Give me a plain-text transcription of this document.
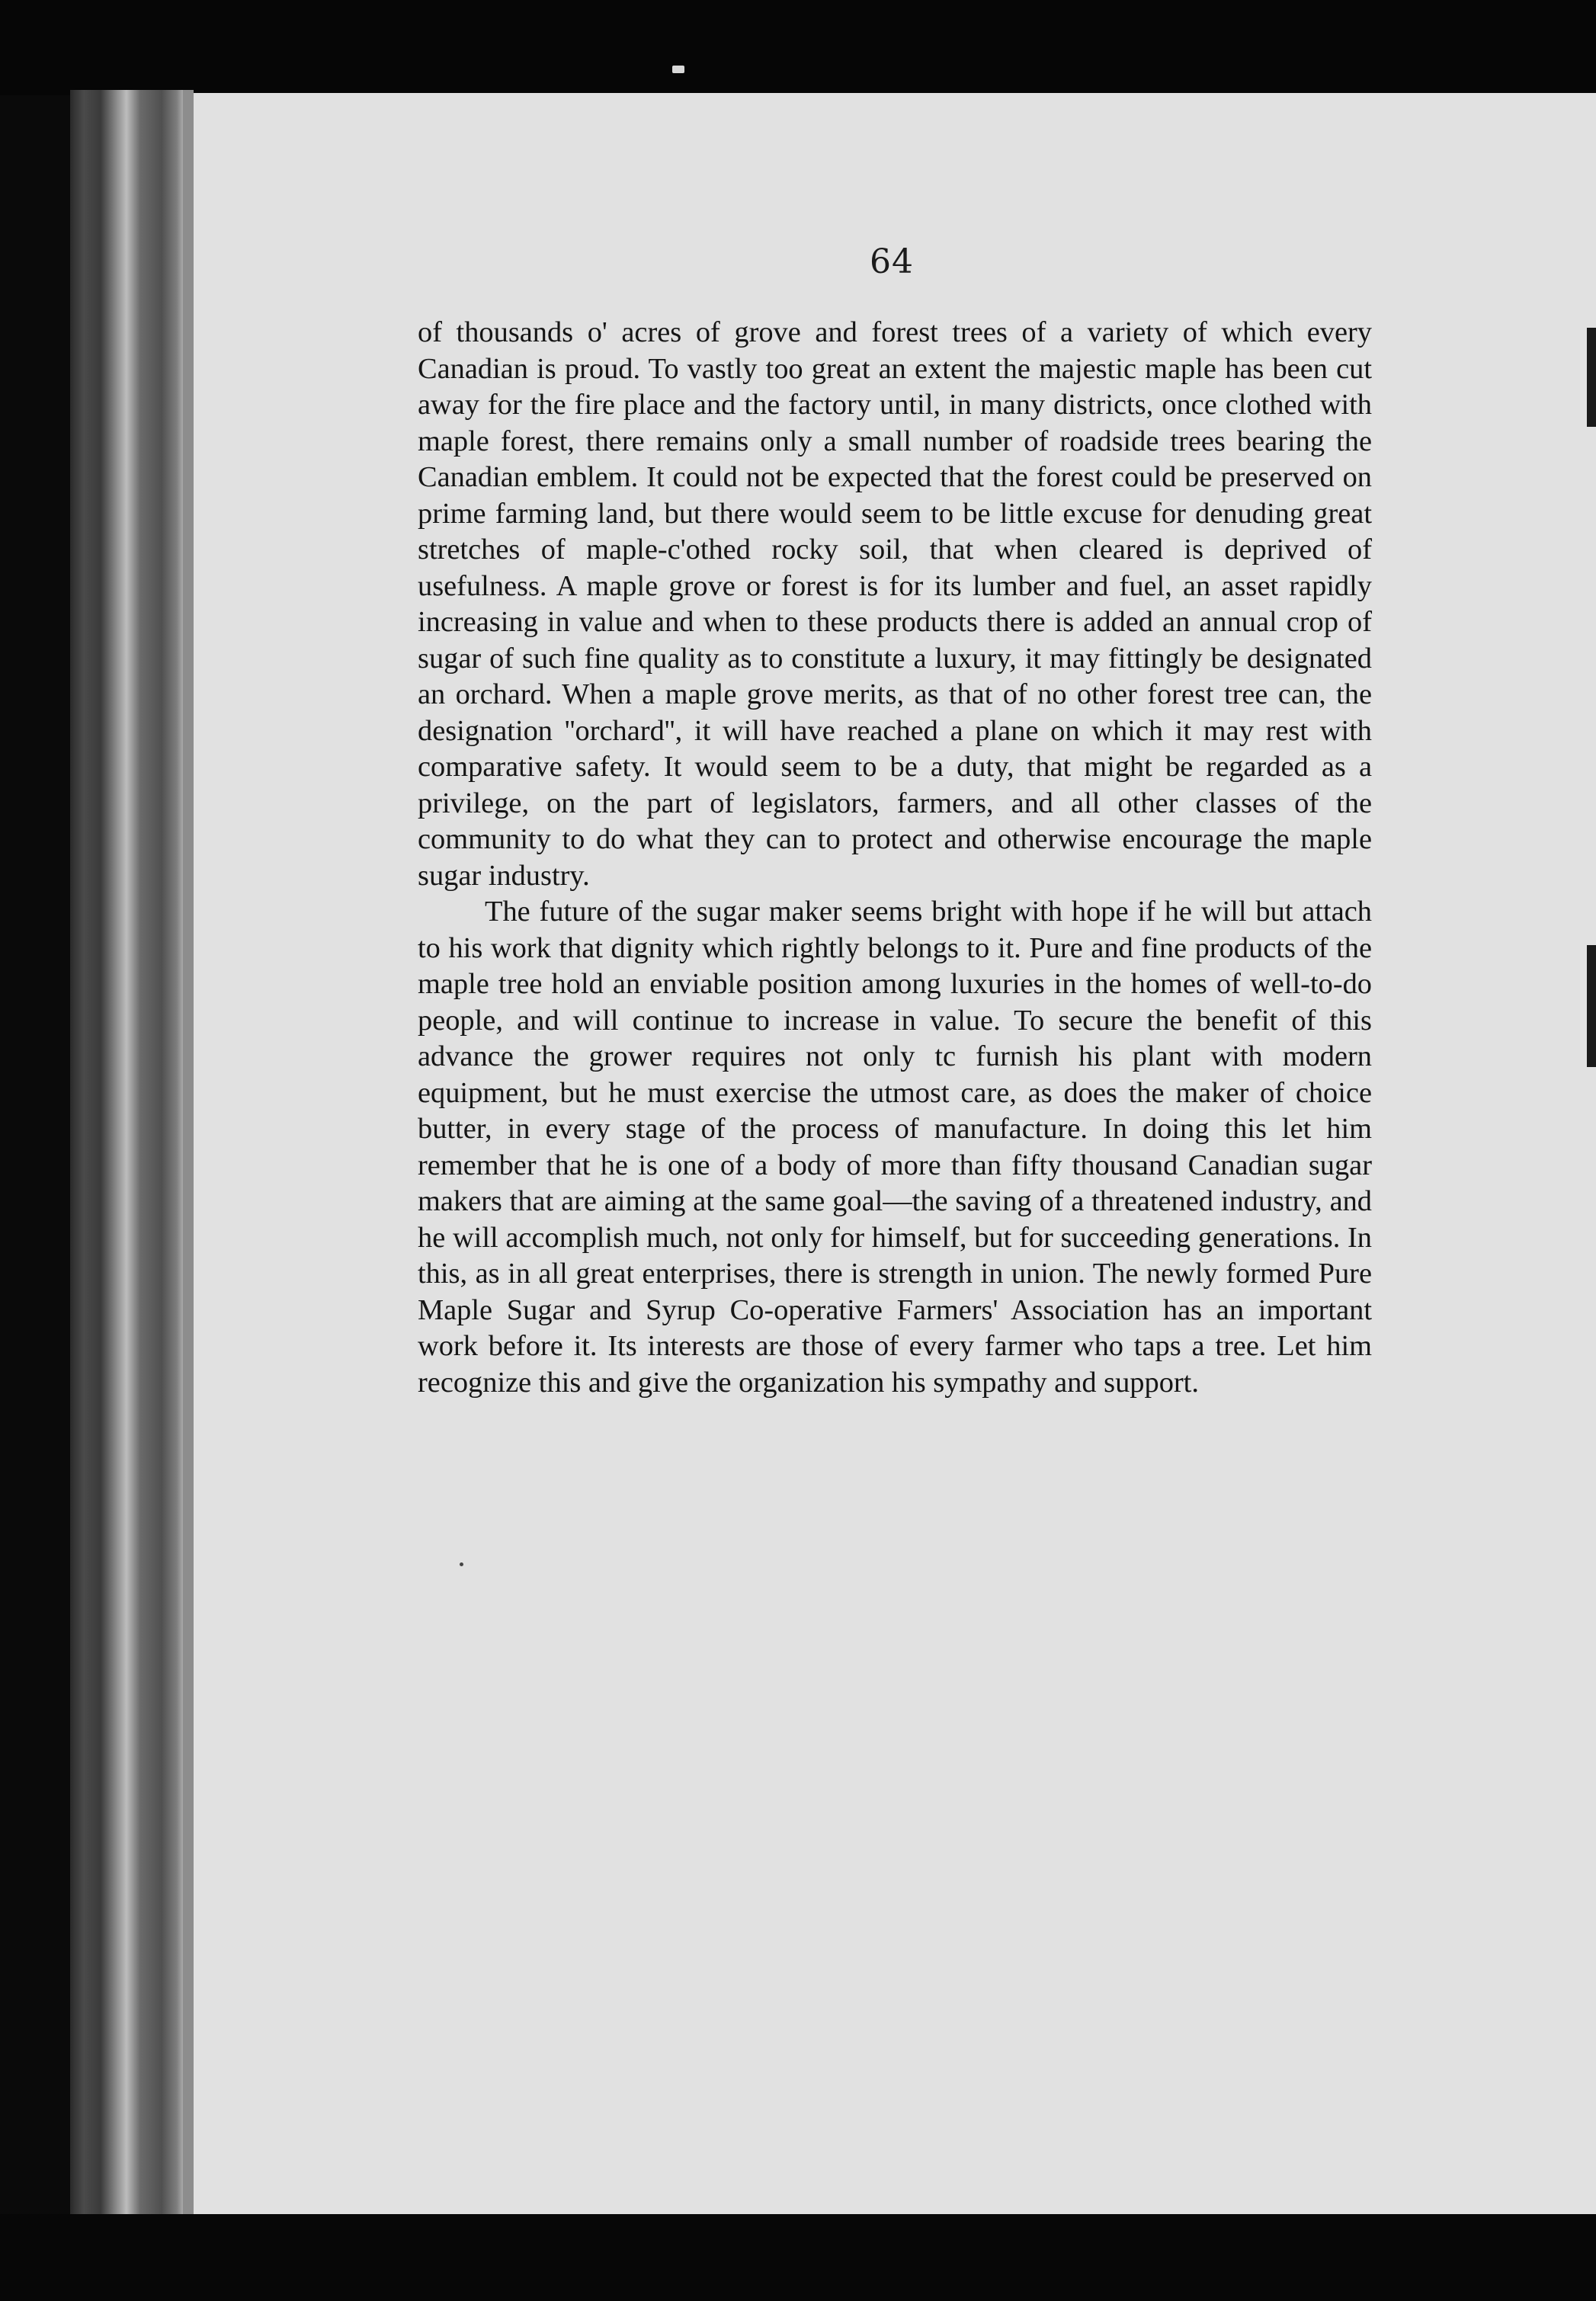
64

of thousands o' acres of grove and forest trees of a variety of which every Canadian is proud. To vastly too great an extent the majestic maple has been cut away for the fire place and the factory until, in many districts, once clothed with maple forest, there remains only a small number of roadside trees bearing the Canadian emblem. It could not be expected that the forest could be preserved on prime farming land, but there would seem to be little excuse for denuding great stretches of maple-c'othed rocky soil, that when cleared is deprived of usefulness. A maple grove or forest is for its lumber and fuel, an asset rapidly increasing in value and when to these products there is added an annual crop of sugar of such fine quality as to constitute a luxury, it may fittingly be designated an orchard. When a maple grove merits, as that of no other forest tree can, the designation ''orchard'', it will have reached a plane on which it may rest with comparative safety. It would seem to be a duty, that might be regarded as a privilege, on the part of legislators, farmers, and all other classes of the community to do what they can to protect and otherwise encourage the maple sugar industry.

The future of the sugar maker seems bright with hope if he will but attach to his work that dignity which rightly belongs to it. Pure and fine products of the maple tree hold an enviable position among luxuries in the homes of well-to-do people, and will continue to increase in value. To secure the benefit of this advance the grower requires not only tc furnish his plant with modern equipment, but he must exercise the utmost care, as does the maker of choice butter, in every stage of the process of manufacture. In doing this let him remember that he is one of a body of more than fifty thousand Canadian sugar makers that are aiming at the same goal—the saving of a threatened industry, and he will accomplish much, not only for himself, but for succeeding generations. In this, as in all great enterprises, there is strength in union. The newly formed Pure Maple Sugar and Syrup Co-operative Farmers' Association has an important work before it. Its interests are those of every farmer who taps a tree. Let him recognize this and give the organization his sympathy and support.
